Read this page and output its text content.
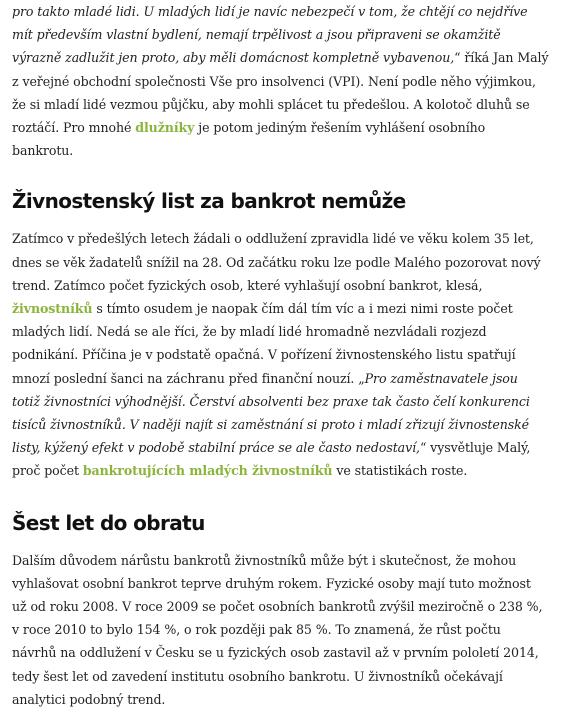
pro takto mladé lidi. U mladých lidí je navíc nebezpečí v tom, že chtějí co nejdříve mít především vlastní bydlení, nemají trpělivost a jsou připraveni se okamžitě výrazně zadlužit jen proto, aby měli domácnost kompletně vybavenou,“ říká Jan Malý z veřejné obchodní společnosti Vše pro insolvenci (VPI). Není podle něho výjimkou, že si mladí lidé vezmou půjčku, aby mohli splácet tu předešlou. A kolotoč dluhů se roztáčí. Pro mnohé dlužníky je potom jediným řešením vyhlášení osobního bankrotu.

Živnostenský list za bankrot nemůže

Zatímco v předešlých letech žádali o oddlužení zpravidla lidé ve věku kolem 35 let, dnes se věk žadatelů snížil na 28. Od začátku roku lze podle Malého pozorovat nový trend. Zatímco počet fyzických osob, které vyhlašují osobní bankrot, klesá, živnostníků s tímto osudem je naopak čím dál tím víc a i mezi nimi roste počet mladých lidí. Nedá se ale říci, že by mladí lidé hromadně nezvládali rozjezd podnikání. Příčina je v podstatě opačná. V pořízení živnostenského listu spatřují mnozí poslední šanci na záchranu před finanční nouzí. „Pro zaměstnavatele jsou totiž živnostníci výhodnější. Čerství absolventi bez praxe tak často čelí konkurenci tisíců živnostníků. V naději najít si zaměstnání si proto i mladí zřizují živnostenské listy, kýžený efekt v podobě stabilní práce se ale často nedostaví,“ vysvětluje Malý, proč počet bankrotujících mladých živnostníků ve statistikách roste.

Šest let do obratu

Dalším důvodem nárůstu bankrotů živnostníků může být i skutečnost, že mohou vyhlašovat osobní bankrot teprve druhým rokem. Fyzické osoby mají tuto možnost už od roku 2008. V roce 2009 se počet osobních bankrotů zvýšil meziročně o 238 %, v roce 2010 to bylo 154 %, o rok později pak 85 %. To znamená, že růst počtu návrhů na oddlužení v Česku se u fyzických osob zastavil až v prvním pololetí 2014, tedy šest let od zavedení institutu osobního bankrotu. U živnostníků očekávají analytici podobný trend.
